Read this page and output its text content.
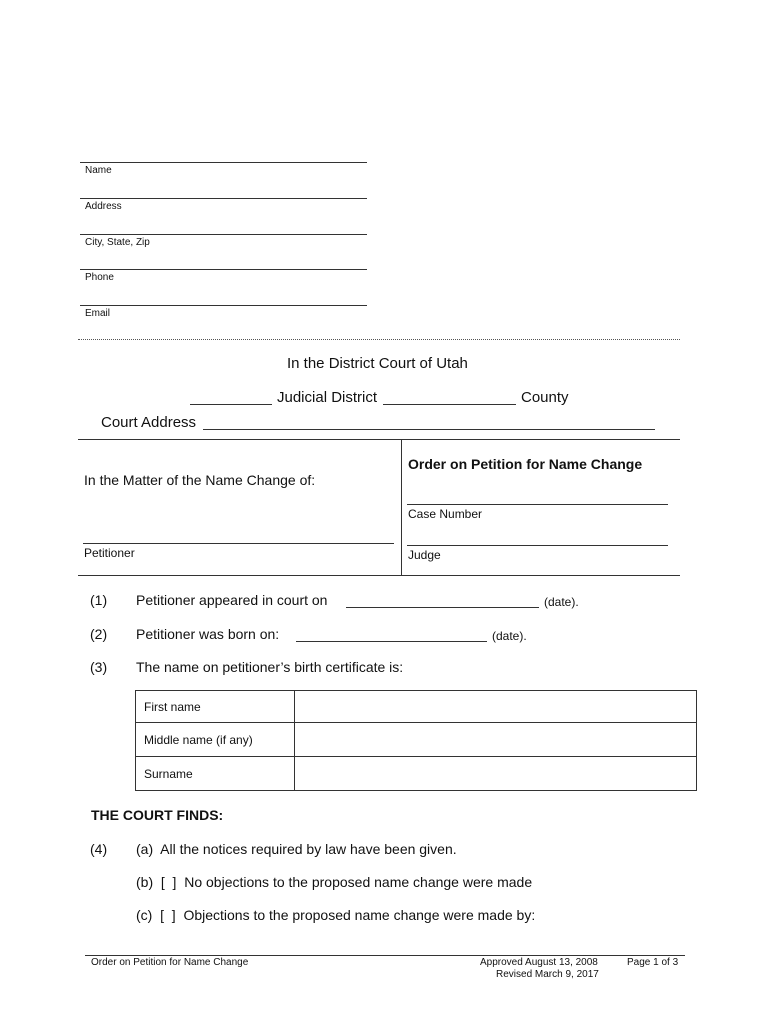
Name
Address
City, State, Zip
Phone
Email
In the District Court of Utah
Judicial District	County
Court Address
In the Matter of the Name Change of:
Petitioner
Order on Petition for Name Change
Case Number
Judge
(1) Petitioner appeared in court on	(date).
(2) Petitioner was born on:	(date).
(3) The name on petitioner’s birth certificate is:
First name	
Middle name (if any)	
Surname	
THE COURT FINDS:
(4) (a)  All the notices required by law have been given.
(b)  [  ]  No objections to the proposed name change were made
(c)  [  ]  Objections to the proposed name change were made by:
Order on Petition for Name Change	Approved August 13, 2008
Revised March 9, 2017
Page 1 of 3
